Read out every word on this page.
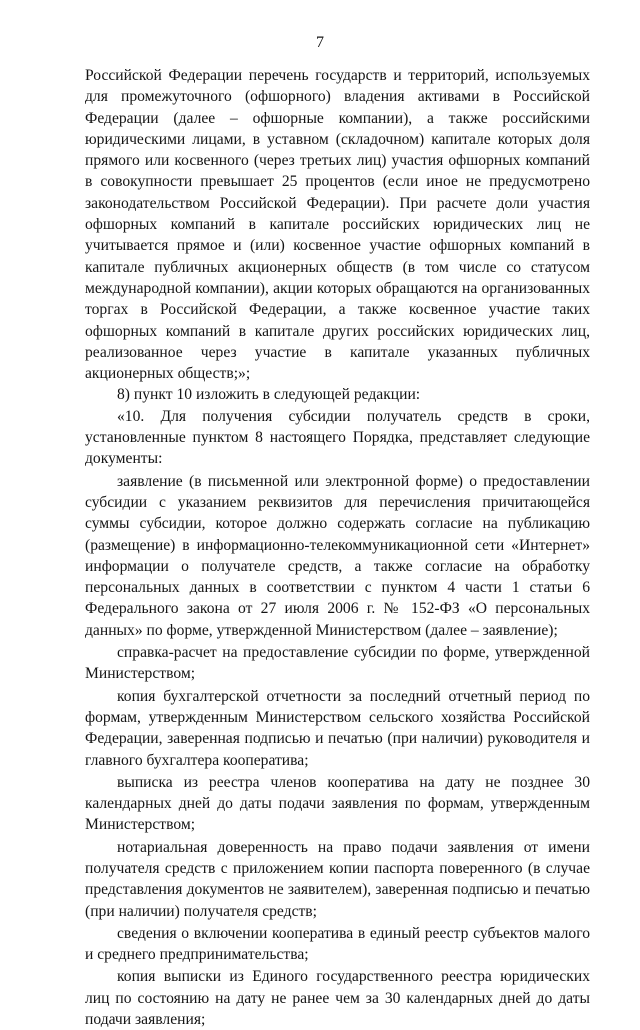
7

Российской Федерации перечень государств и территорий, используемых для промежуточного (офшорного) владения активами в Российской Федерации (далее – офшорные компании), а также российскими юридическими лицами, в уставном (складочном) капитале которых доля прямого или косвенного (через третьих лиц) участия офшорных компаний в совокупности превышает 25 процентов (если иное не предусмотрено законодательством Российской Федерации). При расчете доли участия офшорных компаний в капитале российских юридических лиц не учитывается прямое и (или) косвенное участие офшорных компаний в капитале публичных акционерных обществ (в том числе со статусом международной компании), акции которых обращаются на организованных торгах в Российской Федерации, а также косвенное участие таких офшорных компаний в капитале других российских юридических лиц, реализованное через участие в капитале указанных публичных акционерных обществ;»;

8) пункт 10 изложить в следующей редакции:

«10. Для получения субсидии получатель средств в сроки, установленные пунктом 8 настоящего Порядка, представляет следующие документы:

заявление (в письменной или электронной форме) о предоставлении субсидии с указанием реквизитов для перечисления причитающейся суммы субсидии, которое должно содержать согласие на публикацию (размещение) в информационно-телекоммуникационной сети «Интернет» информации о получателе средств, а также согласие на обработку персональных данных в соответствии с пунктом 4 части 1 статьи 6 Федерального закона от 27 июля 2006 г. № 152-ФЗ «О персональных данных» по форме, утвержденной Министерством (далее – заявление);

справка-расчет на предоставление субсидии по форме, утвержденной Министерством;

копия бухгалтерской отчетности за последний отчетный период по формам, утвержденным Министерством сельского хозяйства Российской Федерации, заверенная подписью и печатью (при наличии) руководителя и главного бухгалтера кооператива;

выписка из реестра членов кооператива на дату не позднее 30 календарных дней до даты подачи заявления по формам, утвержденным Министерством;

нотариальная доверенность на право подачи заявления от имени получателя средств с приложением копии паспорта поверенного (в случае представления документов не заявителем), заверенная подписью и печатью (при наличии) получателя средств;

сведения о включении кооператива в единый реестр субъектов малого и среднего предпринимательства;

копия выписки из Единого государственного реестра юридических лиц по состоянию на дату не ранее чем за 30 календарных дней до даты подачи заявления;
